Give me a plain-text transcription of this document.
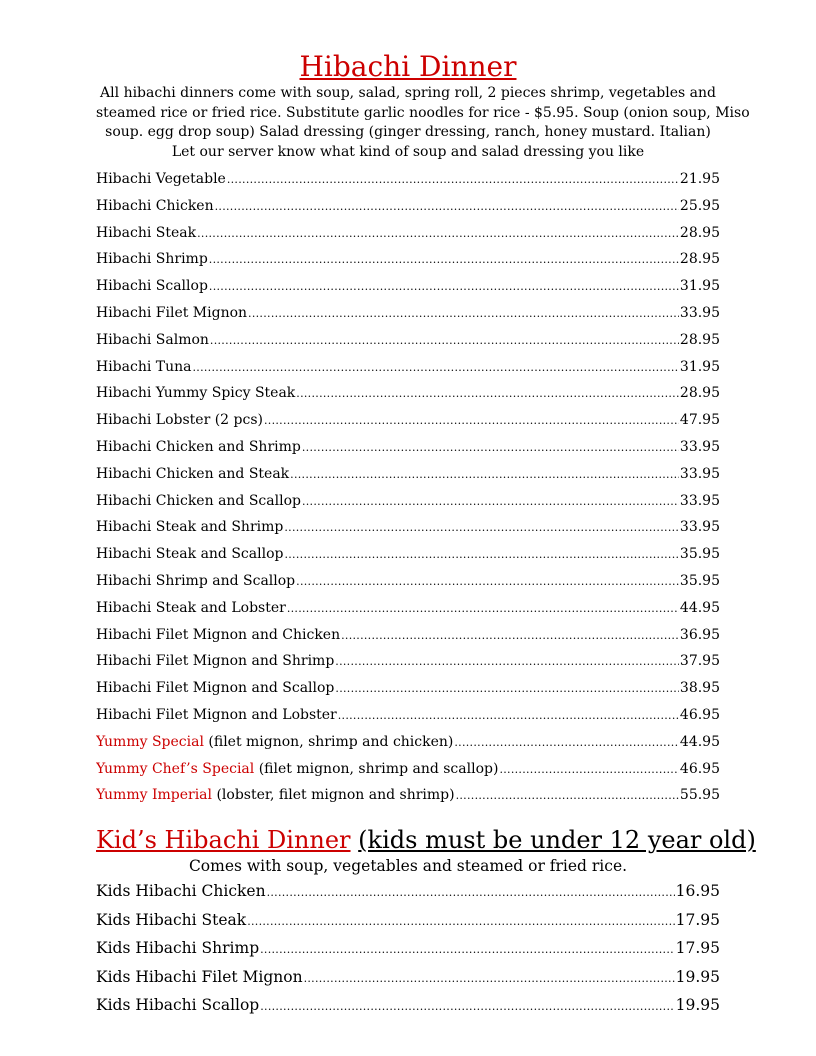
Hibachi Dinner
All hibachi dinners come with soup, salad, spring roll, 2 pieces shrimp, vegetables and
steamed rice or fried rice. Substitute garlic noodles for rice - $5.95. Soup (onion soup, Miso
soup. egg drop soup) Salad dressing (ginger dressing, ranch, honey mustard. Italian)
Let our server know what kind of soup and salad dressing you like
Hibachi Vegetable .....	21.95
Hibachi Chicken .....	25.95
Hibachi Steak .....	28.95
Hibachi Shrimp .....	28.95
Hibachi Scallop .....	31.95
Hibachi Filet Mignon .....	33.95
Hibachi Salmon .....	28.95
Hibachi Tuna .....	31.95
Hibachi Yummy Spicy Steak .....	28.95
Hibachi Lobster (2 pcs) .....	47.95
Hibachi Chicken and Shrimp .....	33.95
Hibachi Chicken and Steak .....	33.95
Hibachi Chicken and Scallop .....	33.95
Hibachi Steak and Shrimp .....	33.95
Hibachi Steak and Scallop .....	35.95
Hibachi Shrimp and Scallop .....	35.95
Hibachi Steak and Lobster .....	44.95
Hibachi Filet Mignon and Chicken .....	36.95
Hibachi Filet Mignon and Shrimp .....	37.95
Hibachi Filet Mignon and Scallop .....	38.95
Hibachi Filet Mignon and Lobster .....	46.95
Yummy Special (filet mignon, shrimp and chicken) .....	44.95
Yummy Chef’s Special (filet mignon, shrimp and scallop) .....	46.95
Yummy Imperial (lobster, filet mignon and shrimp) .....	55.95
Kid’s Hibachi Dinner (kids must be under 12 year old)
Comes with soup, vegetables and steamed or fried rice.
Kids Hibachi Chicken .....	16.95
Kids Hibachi Steak .....	17.95
Kids Hibachi Shrimp .....	17.95
Kids Hibachi Filet Mignon .....	19.95
Kids Hibachi Scallop .....	19.95
